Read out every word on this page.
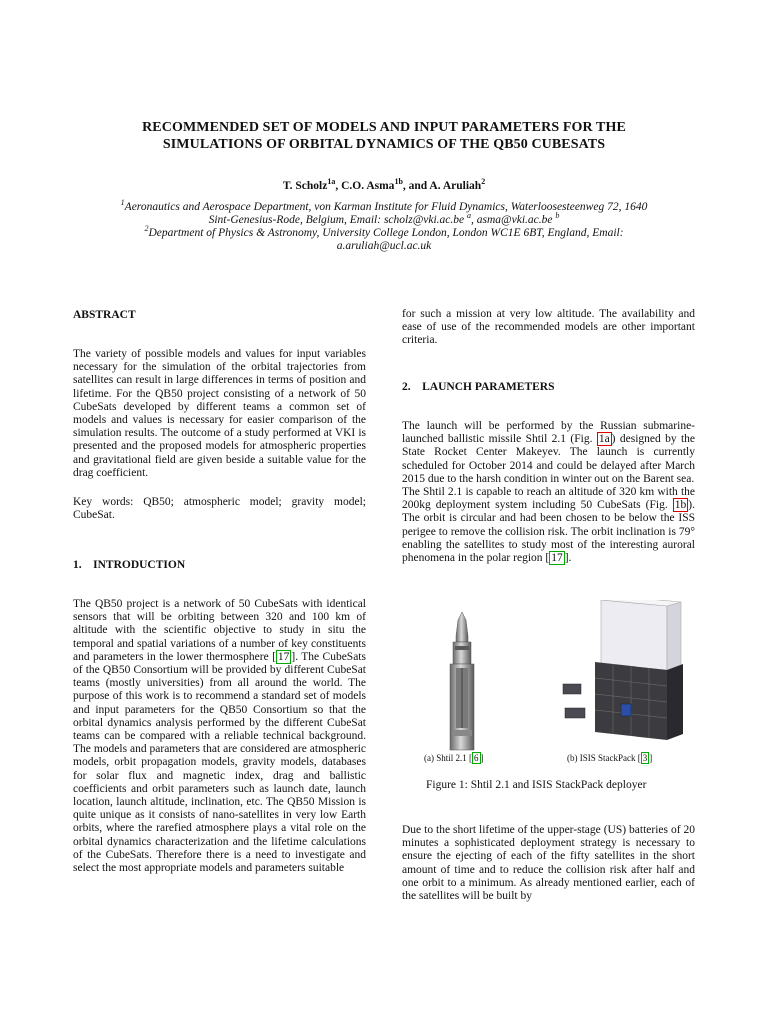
RECOMMENDED SET OF MODELS AND INPUT PARAMETERS FOR THE
SIMULATIONS OF ORBITAL DYNAMICS OF THE QB50 CUBESATS
T. Scholz$^{1a}$, C.O. Asma$^{1b}$, and A. Aruliah$^2$
$^1$Aeronautics and Aerospace Department, von Karman Institute for Fluid Dynamics, Waterloosesteenweg 72, 1640
Sint-Genesius-Rode, Belgium, Email: scholz@vki.ac.be $^a$, asma@vki.ac.be $^b$
$^2$Department of Physics & Astronomy, University College London, London WC1E 6BT, England, Email:
a.aruliah@ucl.ac.uk
ABSTRACT

The variety of possible models and values for input variables necessary for the simulation of the orbital trajectories from satellites can result in large differences in terms of position and lifetime. For the QB50 project consisting of a network of 50 CubeSats developed by different teams a common set of models and values is necessary for easier comparison of the simulation results. The outcome of a study performed at VKI is presented and the proposed models for atmospheric properties and gravitational field are given beside a suitable value for the drag coefficient.

Key words: QB50; atmospheric model; gravity model; CubeSat.

1. INTRODUCTION

The QB50 project is a network of 50 CubeSats with identical sensors that will be orbiting between 320 and 100 km of altitude with the scientific objective to study in situ the temporal and spatial variations of a number of key constituents and parameters in the lower thermosphere [ 17 ]. The CubeSats of the QB50 Consortium will be provided by different CubeSat teams (mostly universities) from all around the world. The purpose of this work is to recommend a standard set of models and input parameters for the QB50 Consortium so that the orbital dynamics analysis performed by the different CubeSat teams can be compared with a reliable technical background. The models and parameters that are considered are atmospheric models, orbit propagation models, gravity models, databases for solar flux and magnetic index, drag and ballistic coefficients and orbit parameters such as launch date, launch location, launch altitude, inclination, etc. The QB50 Mission is quite unique as it consists of nano-satellites in very low Earth orbits, where the rarefied atmosphere plays a vital role on the orbital dynamics characterization and the lifetime calculations of the CubeSats. Therefore there is a need to investigate and select the most appropriate models and parameters suitable

for such a mission at very low altitude. The availability and ease of use of the recommended models are other important criteria.

2. LAUNCH PARAMETERS

The launch will be performed by the Russian submarine-launched ballistic missile Shtil 2.1 (Fig. 1a ) designed by the State Rocket Center Makeyev. The launch is currently scheduled for October 2014 and could be delayed after March 2015 due to the harsh condition in winter out on the Barent sea.

The Shtil 2.1 is capable to reach an altitude of 320 km with the 200kg deployment system including 50 CubeSats (Fig. 1b ). The orbit is circular and had been chosen to be below the ISS perigee to remove the collision risk. The orbit inclination is 79° enabling the satellites to study most of the interesting auroral phenomena in the polar region [ 17 ].

(a) Shtil 2.1 [ 6 ]	(b) ISIS StackPack [ 3 ]
Figure 1: Shtil 2.1 and ISIS StackPack deployer

Due to the short lifetime of the upper-stage (US) batteries of 20 minutes a sophisticated deployment strategy is necessary to ensure the ejecting of each of the fifty satellites in the short amount of time and to reduce the collision risk after half and one orbit to a minimum. As already mentioned earlier, each of the satellites will be built by
